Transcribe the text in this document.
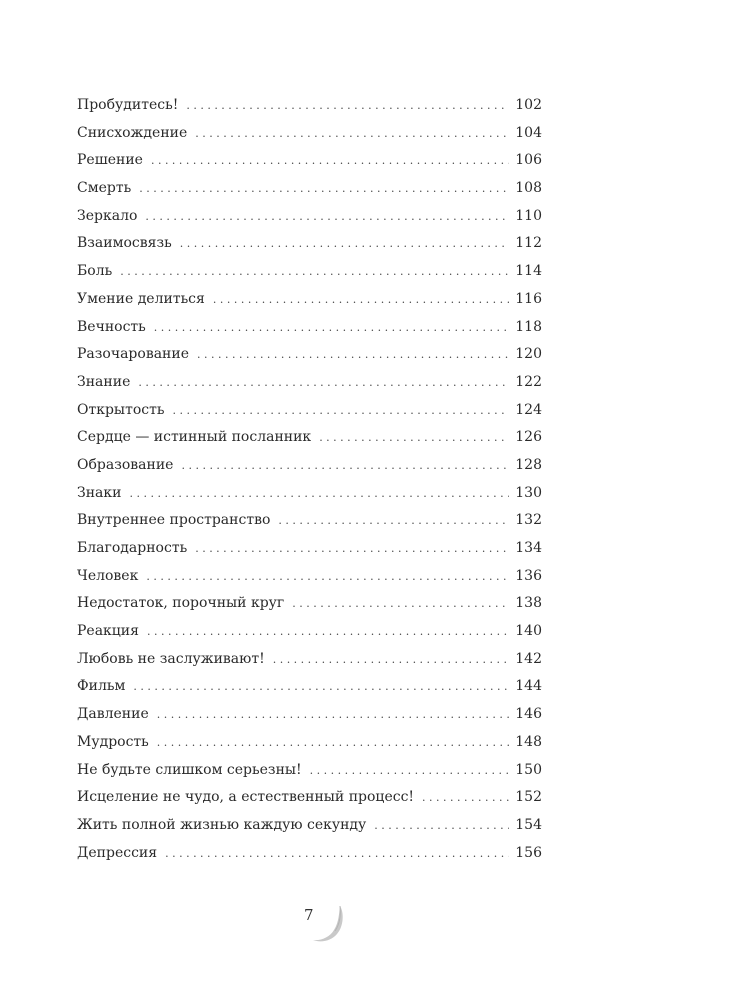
Пробудитесь! . . .	102
Снисхождение . . .	104
Решение . . .	106
Смерть . . .	108
Зеркало . . .	110
Взаимосвязь . . .	112
Боль . . .	114
Умение делиться . . .	116
Вечность . . .	118
Разочарование . . .	120
Знание . . .	122
Открытость . . .	124
Сердце — истинный посланник . . .	126
Образование . . .	128
Знаки . . .	130
Внутреннее пространство . . .	132
Благодарность . . .	134
Человек . . .	136
Недостаток, порочный круг . . .	138
Реакция . . .	140
Любовь не заслуживают! . . .	142
Фильм . . .	144
Давление . . .	146
Мудрость . . .	148
Не будьте слишком серьезны! . . .	150
Исцеление не чудо, а естественный процесс! . . .	152
Жить полной жизнью каждую секунду . . .	154
Депрессия . . .	156
7
